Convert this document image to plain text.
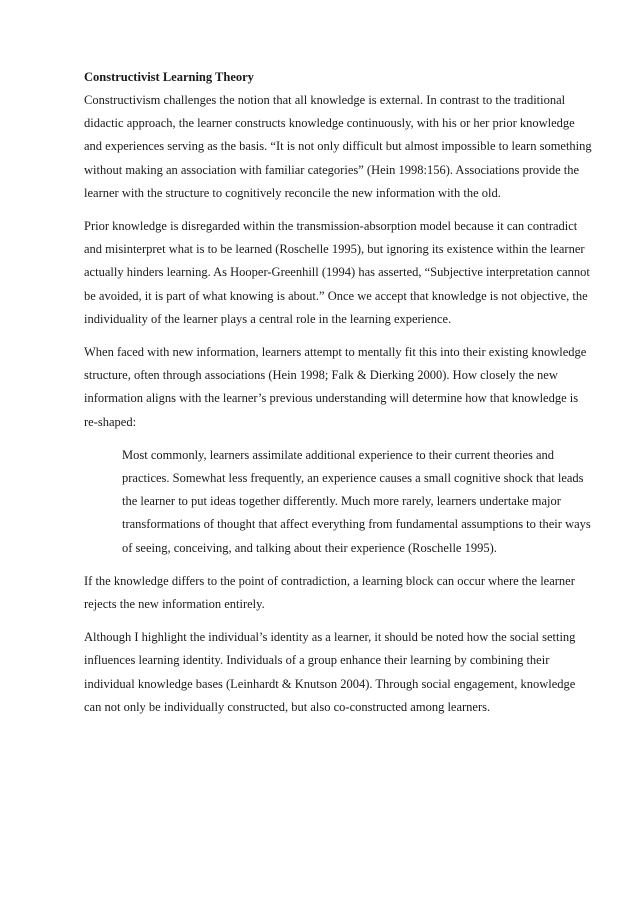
Constructivist Learning Theory

Constructivism challenges the notion that all knowledge is external. In contrast to the traditional didactic approach, the learner constructs knowledge continuously, with his or her prior knowledge and experiences serving as the basis. “It is not only difficult but almost impossible to learn something without making an association with familiar categories” (Hein 1998:156). Associations provide the learner with the structure to cognitively reconcile the new information with the old.

Prior knowledge is disregarded within the transmission-absorption model because it can contradict and misinterpret what is to be learned (Roschelle 1995), but ignoring its existence within the learner actually hinders learning. As Hooper-Greenhill (1994) has asserted, “Subjective interpretation cannot be avoided, it is part of what knowing is about.” Once we accept that knowledge is not objective, the individuality of the learner plays a central role in the learning experience.

When faced with new information, learners attempt to mentally fit this into their existing knowledge structure, often through associations (Hein 1998; Falk & Dierking 2000). How closely the new information aligns with the learner’s previous understanding will determine how that knowledge is re-shaped:

Most commonly, learners assimilate additional experience to their current theories and practices. Somewhat less frequently, an experience causes a small cognitive shock that leads the learner to put ideas together differently. Much more rarely, learners undertake major transformations of thought that affect everything from fundamental assumptions to their ways of seeing, conceiving, and talking about their experience (Roschelle 1995).

If the knowledge differs to the point of contradiction, a learning block can occur where the learner rejects the new information entirely.

Although I highlight the individual’s identity as a learner, it should be noted how the social setting influences learning identity. Individuals of a group enhance their learning by combining their individual knowledge bases (Leinhardt & Knutson 2004). Through social engagement, knowledge can not only be individually constructed, but also co-constructed among learners.
